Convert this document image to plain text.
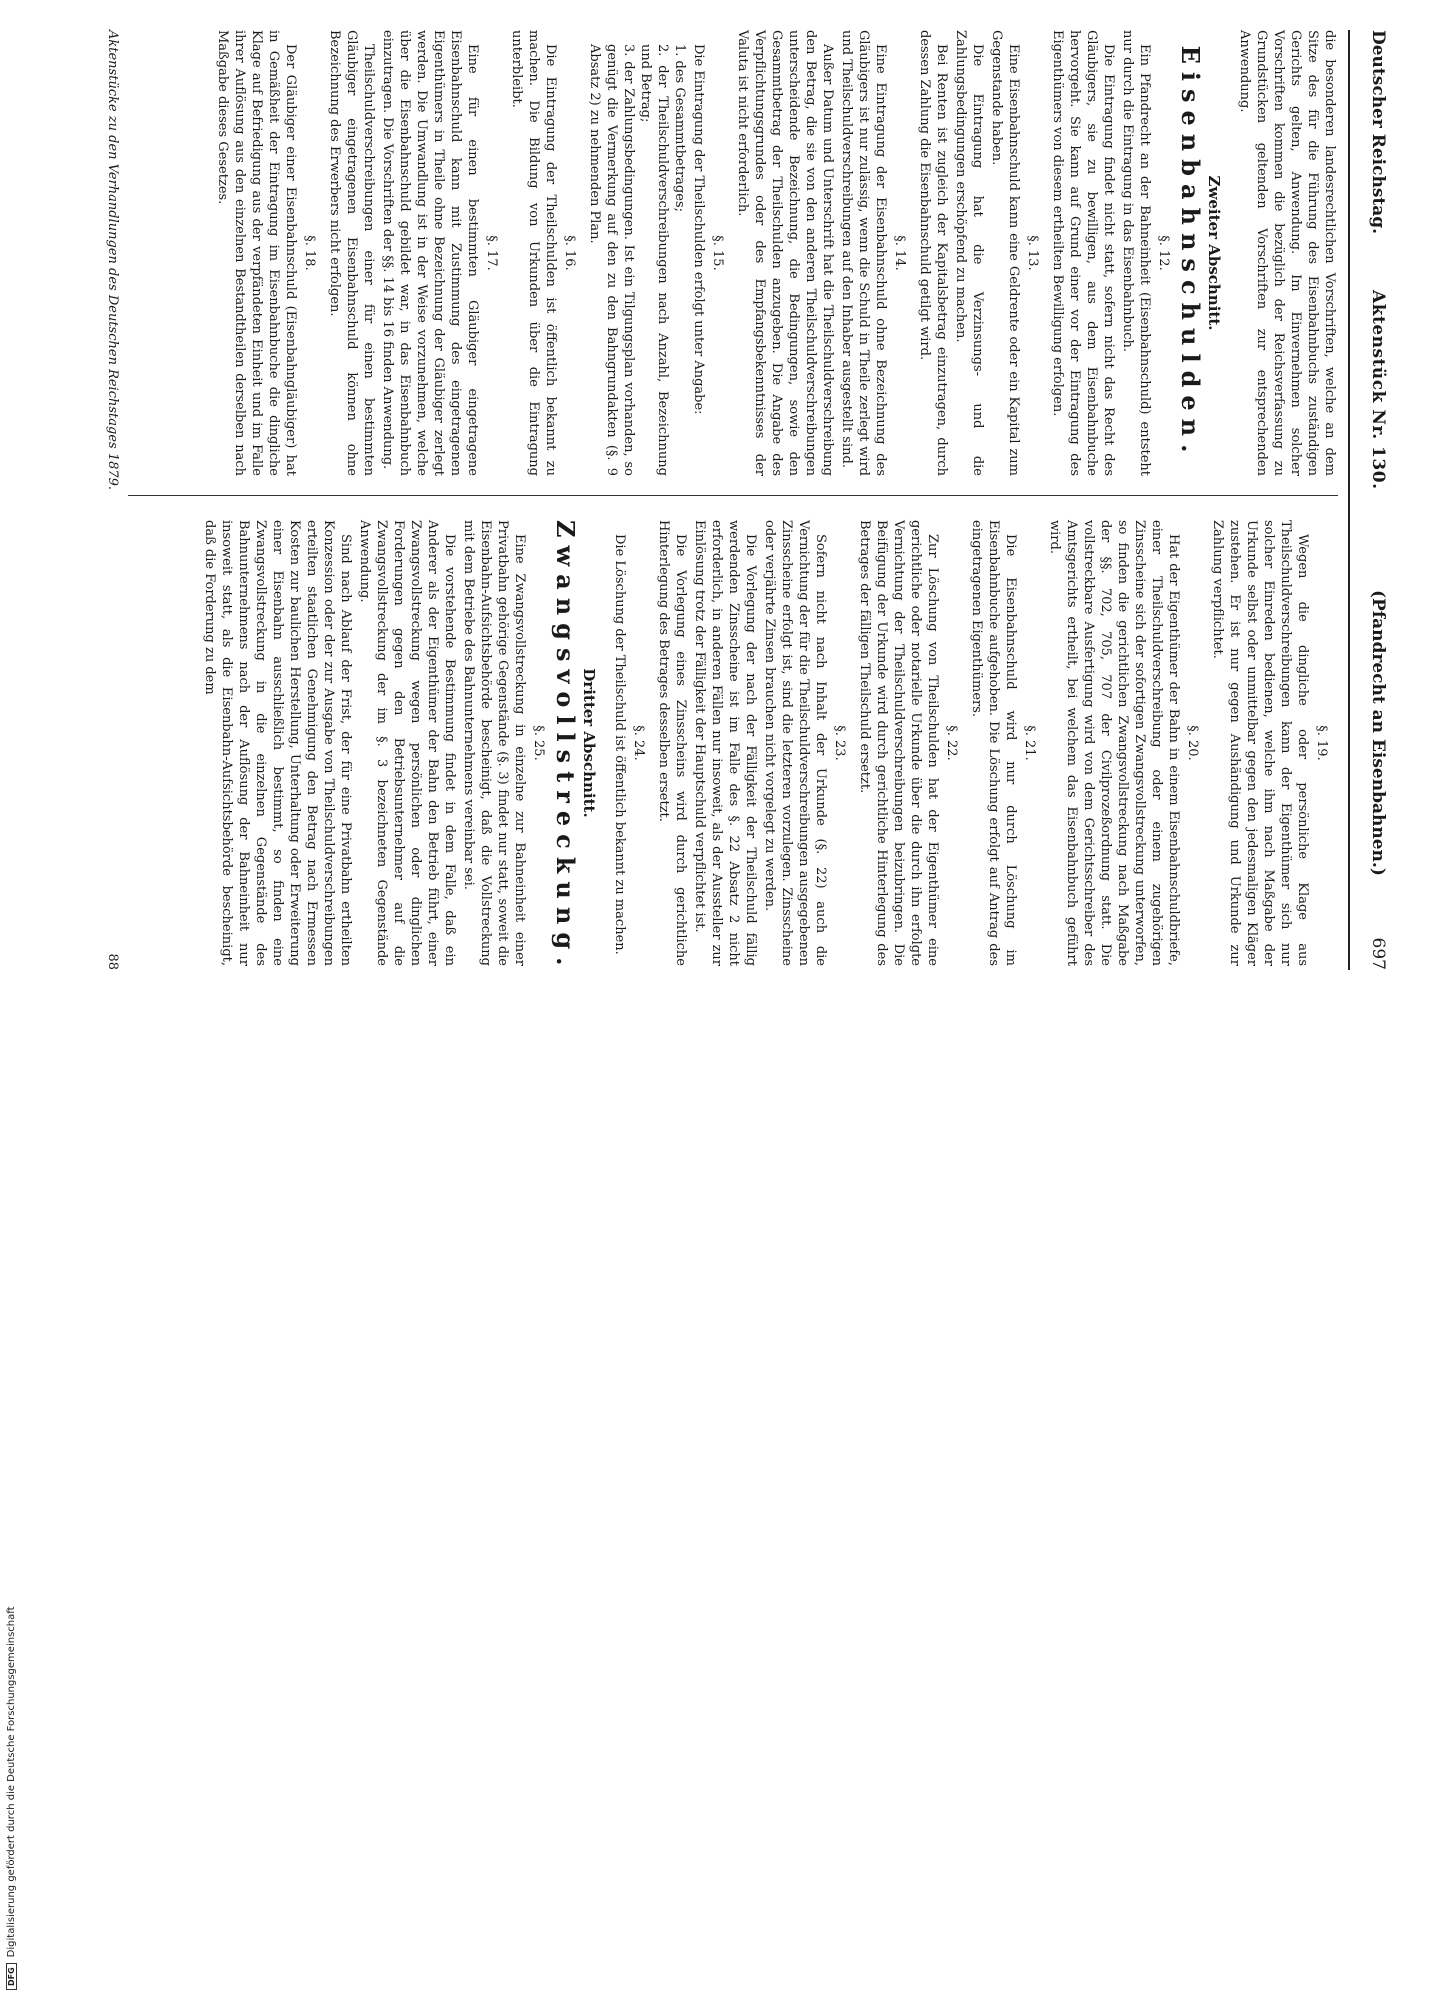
Deutscher Reichstag.
Aktenstück Nr. 130.
(Pfandrecht an Eisenbahnen.)
697

die besonderen landesrechtlichen Vorschriften, welche an dem Sitze des für die Führung des Eisenbahnbuchs zuständigen Gerichts gelten, Anwendung. Im Einvernehmen solcher Vorschriften kommen die bezüglich der Reichsverfassung zu Grundstücken geltenden Vorschriften zur entsprechenden Anwendung.

Zweiter Abschnitt.
Eisenbahnschulden.
§. 12.

Ein Pfandrecht an der Bahneinheit (Eisenbahnschuld) entsteht nur durch die Eintragung in das Eisenbahnbuch.

Die Eintragung findet nicht statt, sofern nicht das Recht des Gläubigers, sie zu bewilligen, aus dem Eisenbahnbuche hervorgeht. Sie kann auf Grund einer vor der Eintragung des Eigenthümers von diesem ertheilten Bewilligung erfolgen.

§. 13.

Eine Eisenbahnschuld kann eine Geldrente oder ein Kapital zum Gegenstande haben.

Die Eintragung hat die Verzinsungs- und die Zahlungsbedingungen erschöpfend zu machen.

Bei Renten ist zugleich der Kapitalsbetrag einzutragen, durch dessen Zahlung die Eisenbahnschuld getilgt wird.

§. 14.

Eine Eintragung der Eisenbahnschuld ohne Bezeichnung des Gläubigers ist nur zulässig, wenn die Schuld in Theile zerlegt wird und Theilschuldverschreibungen auf den Inhaber ausgestellt sind.

Außer Datum und Unterschrift hat die Theilschuldverschreibung den Betrag, die sie von den anderen Theilschuldverschreibungen unterscheidende Bezeichnung, die Bedingungen, sowie den Gesammtbetrag der Theilschulden anzugeben. Die Angabe des Verpflichtungsgrundes oder des Empfangsbekenntnisses der Valuta ist nicht erforderlich.

§. 15.

Die Eintragung der Theilschulden erfolgt unter Angabe:

1. des Gesammtbetrages;
2. der Theilschuldverschreibungen nach Anzahl, Bezeichnung und Betrag;
3. der Zahlungsbedingungen. Ist ein Tilgungsplan vorhanden, so genügt die Vermerkung auf den zu den Bahngrundakten (§. 9 Absatz 2) zu nehmenden Plan.
§. 16.

Die Eintragung der Theilschulden ist öffentlich bekannt zu machen. Die Bildung von Urkunden über die Eintragung unterbleibt.

§. 17.

Eine für einen bestimmten Gläubiger eingetragene Eisenbahnschuld kann mit Zustimmung des eingetragenen Eigenthümers in Theile ohne Bezeichnung der Gläubiger zerlegt werden. Die Umwandlung ist in der Weise vorzunehmen, welche über die Eisenbahnschuld gebildet war, in das Eisenbahnbuch einzutragen. Die Vorschriften der §§. 14 bis 16 finden Anwendung.

Theilschuldverschreibungen einer für einen bestimmten Gläubiger eingetragenen Eisenbahnschuld können ohne Bezeichnung des Erwerbers nicht erfolgen.

§. 18.

Der Gläubiger einer Eisenbahnschuld (Eisenbahngläubiger) hat in Gemäßheit der Eintragung im Eisenbahnbuche die dingliche Klage auf Befriedigung aus der verpfändeten Einheit und im Falle ihrer Auflösung aus den einzelnen Bestandtheilen derselben nach Maßgabe dieses Gesetzes.

§. 19.

Wegen die dingliche oder persönliche Klage aus Theilschuldverschreibungen kann der Eigenthümer sich nur solcher Einreden bedienen, welche ihm nach Maßgabe der Urkunde selbst oder unmittelbar gegen den jedesmaligen Kläger zustehen. Er ist nur gegen Aushändigung und Urkunde zur Zahlung verpflichtet.

§. 20.

Hat der Eigenthümer der Bahn in einem Eisenbahnschuldbriefe, einer Theilschuldverschreibung oder einem zugehörigen Zinsscheine sich der sofortigen Zwangsvollstreckung unterworfen, so finden die gerichtlichen Zwangsvollstreckung nach Maßgabe der §§. 702, 705, 707 der Civilprozeßordnung statt. Die vollstreckbare Ausfertigung wird von dem Gerichtsschreiber des Amtsgerichts ertheilt, bei welchem das Eisenbahnbuch geführt wird.

§. 21.

Die Eisenbahnschuld wird nur durch Löschung im Eisenbahnbuche aufgehoben. Die Löschung erfolgt auf Antrag des eingetragenen Eigenthümers.

§. 22.

Zur Löschung von Theilschulden hat der Eigenthümer eine gerichtliche oder notarielle Urkunde über die durch ihn erfolgte Vernichtung der Theilschuldverschreibungen beizubringen. Die Beifügung der Urkunde wird durch gerichtliche Hinterlegung des Betrages der fälligen Theilschuld ersetzt.

§. 23.

Sofern nicht nach Inhalt der Urkunde (§. 22) auch die Vernichtung der für die Theilschuldverschreibungen ausgegebenen Zinsscheine erfolgt ist, sind die letzteren vorzulegen. Zinsscheine oder verjährte Zinsen brauchen nicht vorgelegt zu werden.

Die Vorlegung der nach der Fälligkeit der Theilschuld fällig werdenden Zinsscheine ist im Falle des §. 22 Absatz 2 nicht erforderlich, in anderen Fällen nur insoweit, als der Aussteller zur Einlösung trotz der Fälligkeit der Hauptschuld verpflichtet ist.

Die Vorlegung eines Zinsscheins wird durch gerichtliche Hinterlegung des Betrages desselben ersetzt.

§. 24.

Die Löschung der Theilschuld ist öffentlich bekannt zu machen.

Dritter Abschnitt.
Zwangsvollstreckung.
§. 25.

Eine Zwangsvollstreckung in einzelne zur Bahneinheit einer Privatbahn gehörige Gegenstände (§. 3) findet nur statt, soweit die Eisenbahn-Aufsichtsbehörde bescheinigt, daß die Vollstreckung mit dem Betriebe des Bahnunternehmens vereinbar sei.

Die vorstehende Bestimmung findet in dem Falle, daß ein Anderer als der Eigenthümer der Bahn den Betrieb führt, einer Zwangsvollstreckung wegen persönlichen oder dinglichen Forderungen gegen den Betriebsunternehmer auf die Zwangsvollstreckung der im §. 3 bezeichneten Gegenstände Anwendung.

Sind nach Ablauf der Frist, der für eine Privatbahn ertheilten Konzession oder der zur Ausgabe von Theilschuldverschreibungen erteilten staatlichen Genehmigung den Betrag nach Ermessen Kosten zur baulichen Herstellung, Unterhaltung oder Erweiterung einer Eisenbahn ausschließlich bestimmt, so finden eine Zwangsvollstreckung in die einzelnen Gegenstände des Bahnunternehmens nach der Auflösung der Bahneinheit nur insoweit statt, als die Eisenbahn-Aufsichtsbehörde bescheinigt, daß die Forderung zu dem

Aktenstücke zu den Verhandlungen des Deutschen Reichstages 1879.
88
DFGDigitalisierung gefördert durch die Deutsche Forschungsgemeinschaft
